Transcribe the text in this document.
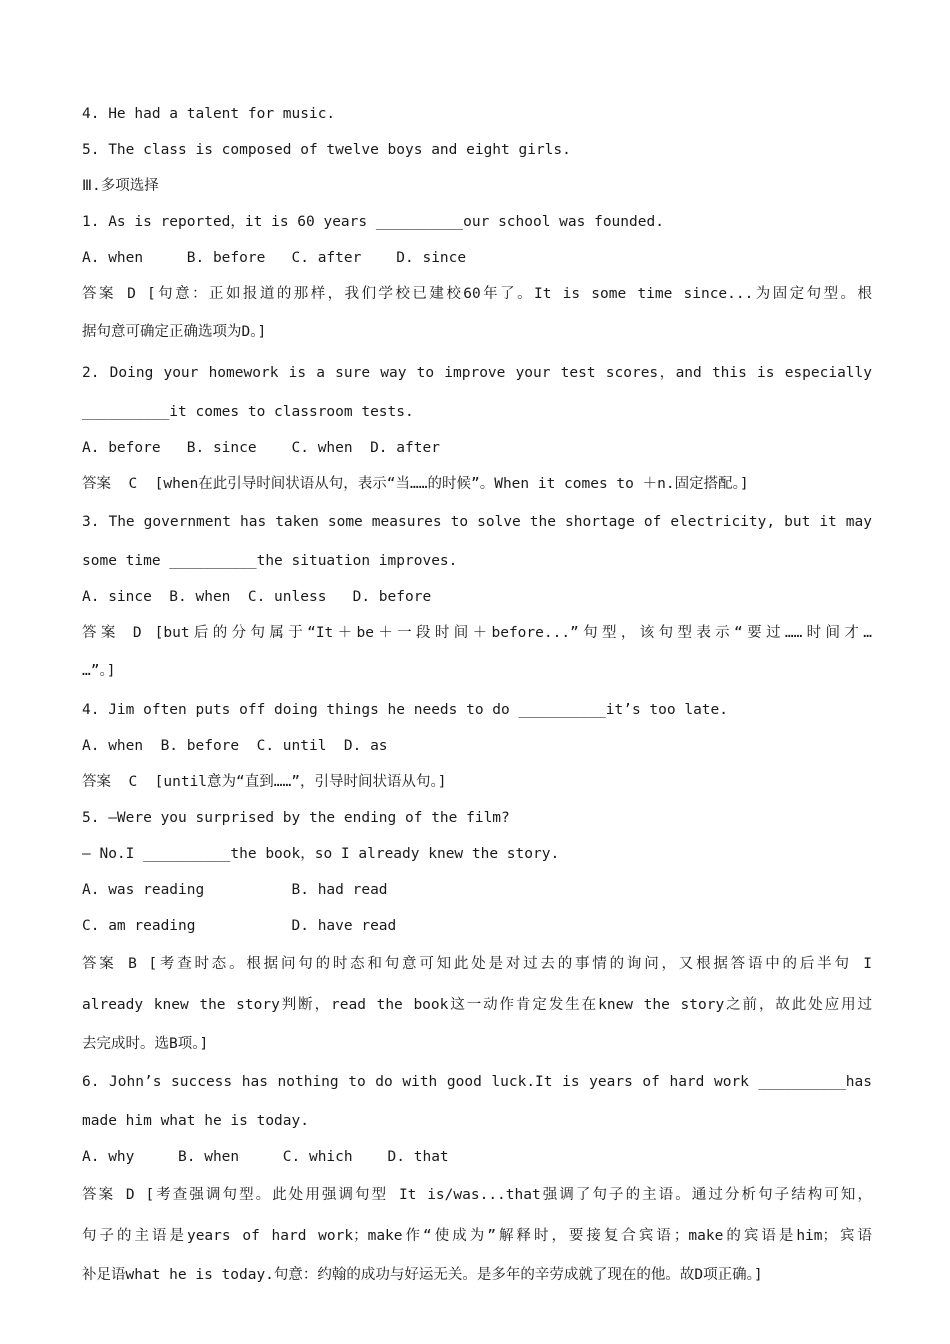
4. He had a talent for music.
5. The class is composed of twelve boys and eight girls.
Ⅲ.多项选择
1. As is reported，it is 60 years __________our school was founded.
A. when     B. before   C. after    D. since
答案 D [句意：正如报道的那样，我们学校已建校60年了。It is some time since...为固定句型。根
据句意可确定正确选项为D。]
2. Doing your homework is a sure way to improve your test scores，and this is especially
__________it comes to classroom tests.
A. before   B. since    C. when  D. after
答案  C  [when在此引导时间状语从句，表示“当……的时候”。When it comes to ＋n.固定搭配。]
3. The government has taken some measures to solve the shortage of electricity, but it may
some time __________the situation improves.
A. since  B. when  C. unless   D. before
答案 D [but后的分句属于“It＋be＋一段时间＋before...”句型，该句型表示“要过……时间才…
…”。]
4. Jim often puts off doing things he needs to do __________it’s too late.
A. when  B. before  C. until  D. as
答案  C  [until意为“直到……”，引导时间状语从句。]
5. —Were you surprised by the ending of the film?
— No.I __________the book，so I already knew the story.
A. was reading          B. had read
C. am reading           D. have read
答案 B [考查时态。根据问句的时态和句意可知此处是对过去的事情的询问，又根据答语中的后半句 I
already knew the story判断，read the book这一动作肯定发生在knew the story之前，故此处应用过
去完成时。选B项。]
6. John’s success has nothing to do with good luck.It is years of hard work __________has
made him what he is today.
A. why     B. when     C. which    D. that
答案 D [考查强调句型。此处用强调句型 It is/was...that强调了句子的主语。通过分析句子结构可知，
句子的主语是years of hard work；make作“使成为”解释时，要接复合宾语；make的宾语是him；宾语
补足语what he is today.句意：约翰的成功与好运无关。是多年的辛劳成就了现在的他。故D项正确。]
